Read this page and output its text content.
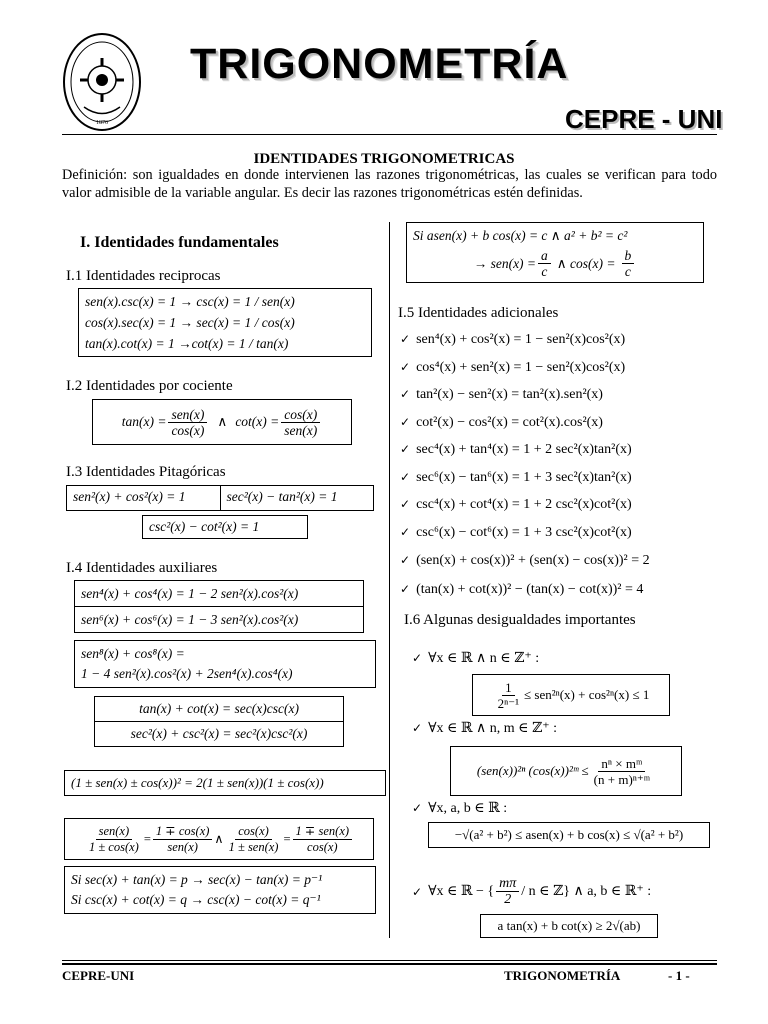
1876
TRIGONOMETRÍA
CEPRE - UNI
IDENTIDADES TRIGONOMETRICAS
Definición: son igualdades en donde intervienen las razones trigonométricas, las cuales se verifican para todo valor admisible de la variable angular. Es decir las razones trigonométricas estén definidas.
I. Identidades fundamentales
I.1 Identidades reciprocas
sen(x).csc(x) = 1 → csc(x) = 1 / sen(x)
cos(x).sec(x) = 1 → sec(x) = 1 / cos(x)
tan(x).cot(x) = 1 →cot(x) = 1 / tan(x)
I.2 Identidades por cociente
$\tan(x) = \frac{\text{sen(x)}}{\cos(x)}$ ∧ $\cot(x) = \frac{\cos(x)}{\text{sen(x)}}$
I.3 Identidades Pitagóricas
sen²(x) + cos²(x) = 1	sec²(x) − tan²(x) = 1
csc²(x) − cot²(x) = 1
I.4 Identidades auxiliares
sen⁴(x) + cos⁴(x) = 1 − 2 sen²(x).cos²(x)
sen⁶(x) + cos⁶(x) = 1 − 3 sen²(x).cos²(x)
sen⁸(x) + cos⁸(x) =
1 − 4 sen²(x).cos²(x) + 2sen⁴(x).cos⁴(x)
tan(x) + cot(x) = sec(x)csc(x)
sec²(x) + csc²(x) = sec²(x)csc²(x)
(1 ± sen(x) ± cos(x))² = 2(1 ± sen(x))(1 ± cos(x))
$\frac{\text{sen(x)}}{1 \pm \cos(x)} = \frac{1 \mp \cos(x)}{\text{sen(x)}}$ ∧ $\frac{\cos(x)}{\text{1 ± sen(x)}} = \frac{\text{1 ∓ sen(x)}}{\cos(x)}$
Si sec(x) + tan(x) = p → sec(x) − tan(x) = p⁻¹
Si csc(x) + cot(x) = q → csc(x) − cot(x) = q⁻¹
Si asen(x) + b cos(x) = c ∧ a² + b² = c²
→ $sen(x) = \frac{a}{c}$ ∧ $\cos(x) = \frac{b}{c}$
I.5 Identidades adicionales
✓ sen⁴(x) + cos²(x) = 1 − sen²(x)cos²(x)
✓ cos⁴(x) + sen²(x) = 1 − sen²(x)cos²(x)
✓ tan²(x) − sen²(x) = tan²(x).sen²(x)
✓ cot²(x) − cos²(x) = cot²(x).cos²(x)
✓ sec⁴(x) + tan⁴(x) = 1 + 2 sec²(x)tan²(x)
✓ sec⁶(x) − tan⁶(x) = 1 + 3 sec²(x)tan²(x)
✓ csc⁴(x) + cot⁴(x) = 1 + 2 csc²(x)cot²(x)
✓ csc⁶(x) − cot⁶(x) = 1 + 3 csc²(x)cot²(x)
✓ (sen(x) + cos(x))² + (sen(x) − cos(x))² = 2
✓ (tan(x) + cot(x))² − (tan(x) − cot(x))² = 4
I.6 Algunas desigualdades importantes
✓ ∀x ∈ ℝ ∧ n ∈ ℤ⁺ :
$\frac{1}{\text{2ⁿ⁻¹}} \le sen^{2n}(x) + \cos^{2n}(x) \le 1$
✓ ∀x ∈ ℝ ∧ n, m ∈ ℤ⁺ :
(sen(x))²ⁿ (cos(x))²ᵐ ≤ $\frac{\text{nⁿ × mᵐ}}{\text{(n + m)ⁿ⁺ᵐ}}$
✓ ∀x, a, b ∈ ℝ :
−√(a² + b²) ≤ asen(x) + b cos(x) ≤ √(a² + b²)
✓ ∀x ∈ ℝ − { $\frac{m\pi}{2}$ / n ∈ ℤ} ∧ a, b ∈ ℝ⁺ :
a tan(x) + b cot(x) ≥ 2√(ab)
CEPRE-UNI	TRIGONOMETRÍA	- 1 -
